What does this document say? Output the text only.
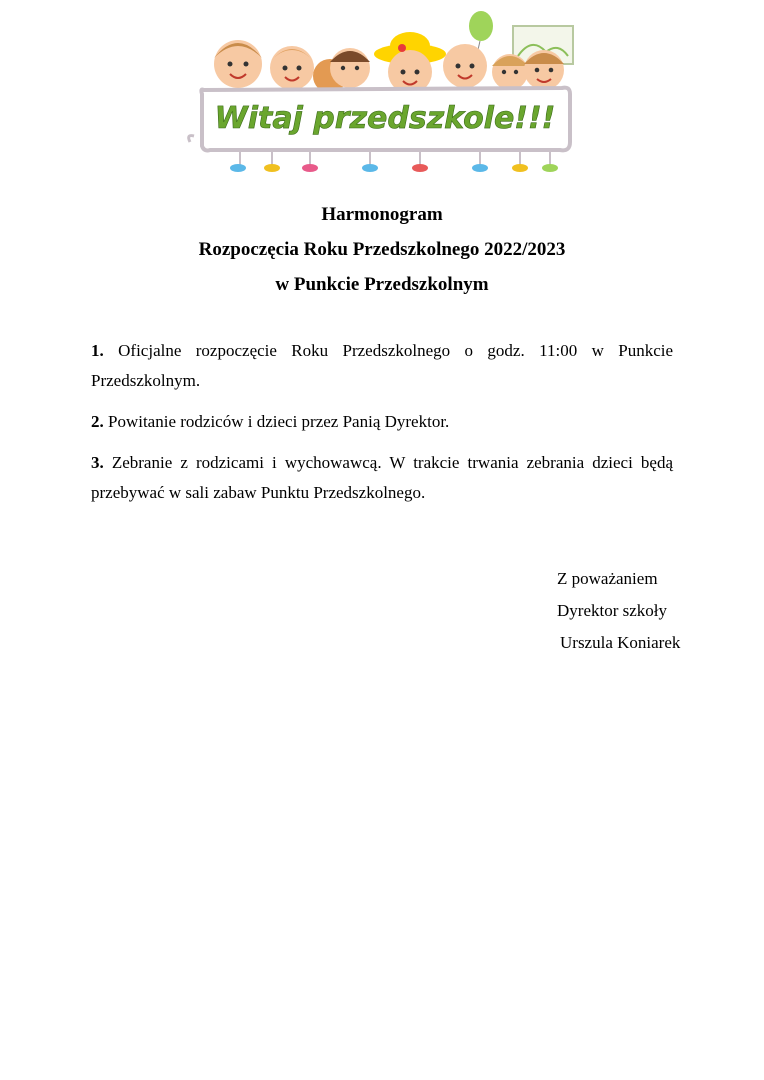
Witaj przedszkole!!!
Harmonogram
Rozpoczęcia Roku Przedszkolnego 2022/2023
w Punkcie Przedszkolnym

1. Oficjalne rozpoczęcie Roku Przedszkolnego o godz. 11:00 w Punkcie Przedszkolnym.

2. Powitanie rodziców i dzieci przez Panią Dyrektor.

3. Zebranie z rodzicami i wychowawcą. W trakcie trwania zebrania dzieci będą przebywać w sali zabaw Punktu Przedszkolnego.

Z poważaniem
Dyrektor szkoły
Urszula Koniarek
